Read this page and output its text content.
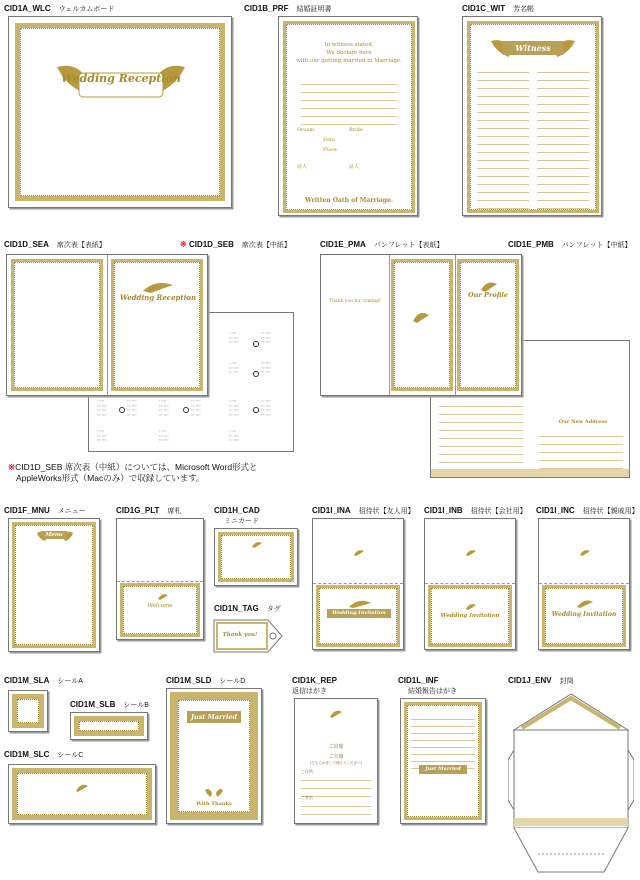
CID1A_WLC ウェルカムボード
Wedding Reception
CID1B_PRF 結婚証明書
In witness stated,
We declare here
with our getting married in Marriage.
Groom	Bride
Date
Place
証人	証人
Written Oath of Marriage.
CID1C_WIT 芳名帳
Witness
CID1D_SEA 席次表【表紙】	※ CID1D_SEB 席次表【中紙】
◦ ◦◦◦◦
◦◦◦ ◦◦◦◦
◦◦◦ ◦◦◦◦
◦◦◦ ◦◦◦◦
◦◦◦ ◦◦◦◦
◦◦◦ ◦◦◦◦
◦ ◦◦◦◦
◦◦◦ ◦◦◦◦
◦◦◦ ◦◦◦◦
◦◦◦ ◦◦◦◦
◦◦◦ ◦◦◦◦
◦◦◦ ◦◦◦◦
◦ ◦◦◦◦
◦◦◦ ◦◦◦◦
◦◦◦ ◦◦◦◦
◦◦◦ ◦◦◦◦
◦◦◦ ◦◦◦◦
◦◦◦ ◦◦◦◦
◦◦◦ ◦◦◦◦
◦◦◦ ◦◦◦◦
◦ ◦◦◦◦
◦◦◦ ◦◦◦◦
◦◦◦ ◦◦◦◦
◦◦◦ ◦◦◦◦
◦◦◦ ◦◦◦◦
◦◦◦ ◦◦◦◦
◦◦◦ ◦◦◦◦
◦◦◦ ◦◦◦◦
◦ ◦◦◦◦
◦◦◦ ◦◦◦◦
◦◦◦ ◦◦◦◦
◦◦◦ ◦◦◦◦
◦◦◦ ◦◦◦◦
◦◦◦ ◦◦◦◦
◦◦◦ ◦◦◦◦
◦◦◦ ◦◦◦◦
◦ ◦◦◦◦
◦◦◦ ◦◦◦◦
◦◦◦ ◦◦◦◦
◦ ◦◦◦◦
◦◦◦ ◦◦◦◦
◦◦◦ ◦◦◦◦
◦ ◦◦◦◦
◦◦◦ ◦◦◦◦
◦◦◦ ◦◦◦◦
Wedding Reception
CID1E_PMA パンフレット【表紙】	CID1E_PMB パンフレット【中紙】
Our New Address
Thank you for coming!
Our Profile
※CID1D_SEB 席次表（中紙）については、Microsoft Word形式と
AppleWorks形式（Macのみ）で収録しています。
CID1F_MNU メニュー
Menu
CID1G_PLT 席札
Welcome
CID1H_CAD
ミニカード
CID1N_TAG タグ
Thank you!
CID1I_INA 招待状【友人用】
Wedding Invitation
CID1I_INB 招待状【会社用】
Wedding Invitation
CID1I_INC 招待状【親戚用】
Wedding Invitation
CID1M_SLA シールA
CID1M_SLB シールB
CID1M_SLC シールC
CID1M_SLD シールD
Just Married
With Thanks
CID1K_REP
返信はがき
ご出席
ご欠席
(どちらかを〇で囲んでください)
ご住所
ご芳名
CID1L_INF
結婚報告はがき
Just Married
CID1J_ENV 封筒
